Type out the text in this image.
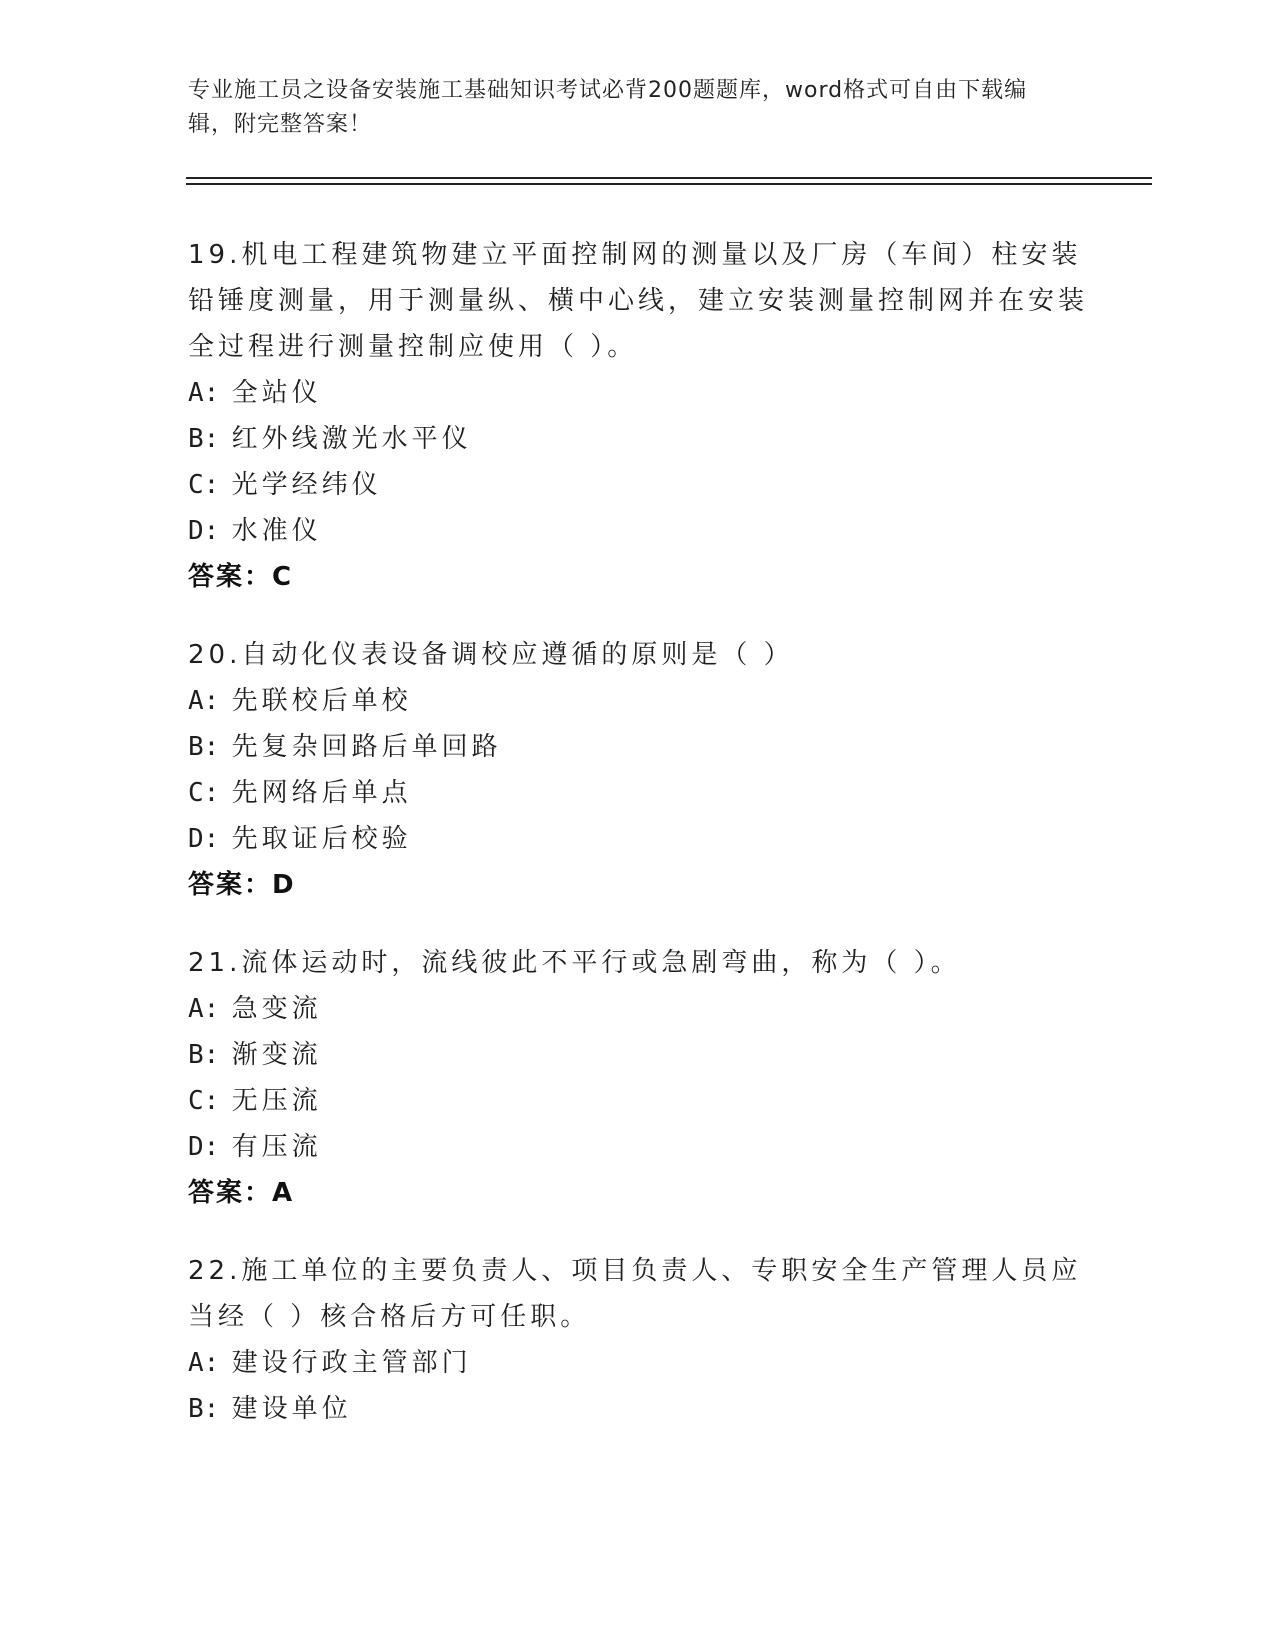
专业施工员之设备安装施工基础知识考试必背200题题库，word格式可自由下载编辑，附完整答案！

19.机电工程建筑物建立平面控制网的测量以及厂房（车间）柱安装铅锤度测量，用于测量纵、横中心线，建立安装测量控制网并在安装全过程进行测量控制应使用（ ）。

A: 全站仪

B: 红外线激光水平仪

C: 光学经纬仪

D: 水准仪

答案：C

20.自动化仪表设备调校应遵循的原则是（ ）

A: 先联校后单校

B: 先复杂回路后单回路

C: 先网络后单点

D: 先取证后校验

答案：D

21.流体运动时，流线彼此不平行或急剧弯曲，称为（ ）。

A: 急变流

B: 渐变流

C: 无压流

D: 有压流

答案：A

22.施工单位的主要负责人、项目负责人、专职安全生产管理人员应当经（ ）核合格后方可任职。

A: 建设行政主管部门

B: 建设单位
